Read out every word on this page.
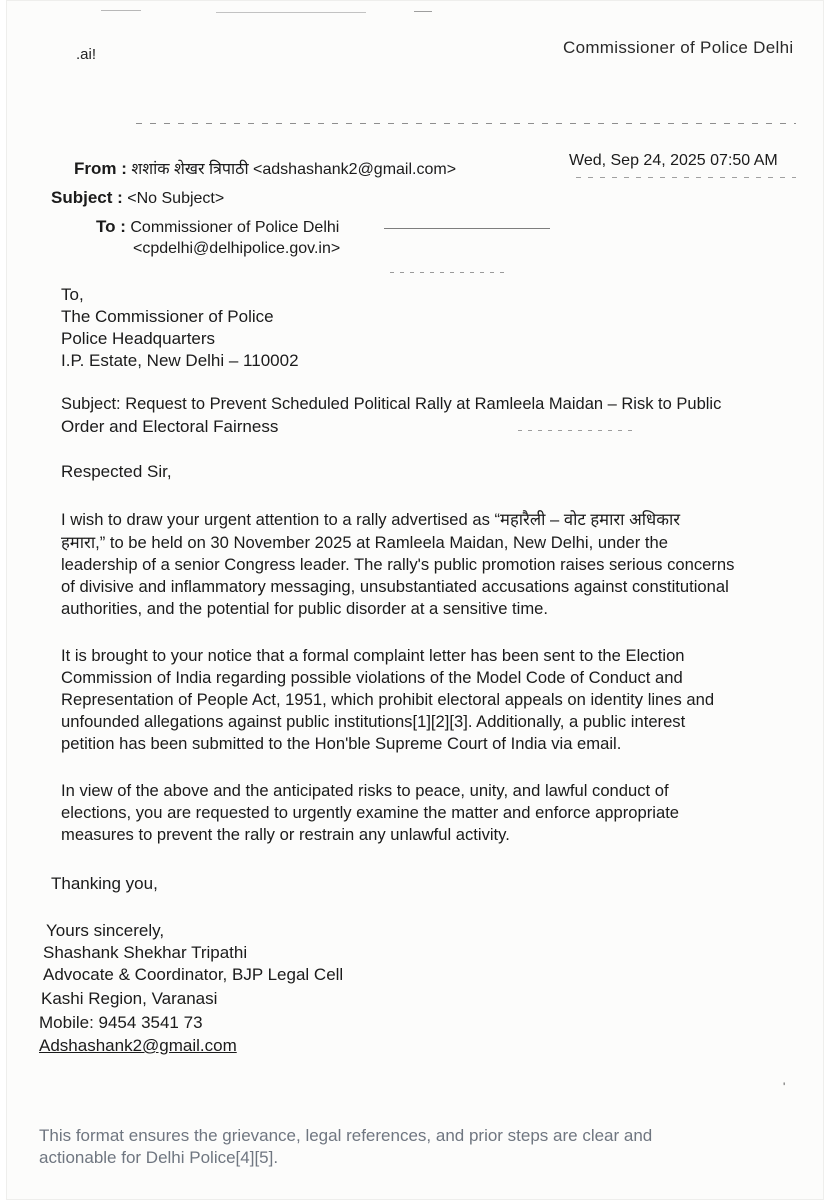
.ai!	Commissioner of Police Delhi
From : शशांक शेखर त्रिपाठी <adshashank2@gmail.com>
Wed, Sep 24, 2025 07:50 AM
Subject : <No Subject>
To : Commissioner of Police Delhi
<cpdelhi@delhipolice.gov.in>
To,
The Commissioner of Police
Police Headquarters
I.P. Estate, New Delhi – 110002
Subject: Request to Prevent Scheduled Political Rally at Ramleela Maidan – Risk to Public
Order and Electoral Fairness
Respected Sir,
I wish to draw your urgent attention to a rally advertised as “महारैली – वोट हमारा अधिकार
हमारा,” to be held on 30 November 2025 at Ramleela Maidan, New Delhi, under the
leadership of a senior Congress leader. The rally's public promotion raises serious concerns
of divisive and inflammatory messaging, unsubstantiated accusations against constitutional
authorities, and the potential for public disorder at a sensitive time.
It is brought to your notice that a formal complaint letter has been sent to the Election
Commission of India regarding possible violations of the Model Code of Conduct and
Representation of People Act, 1951, which prohibit electoral appeals on identity lines and
unfounded allegations against public institutions[1][2][3]. Additionally, a public interest
petition has been submitted to the Hon'ble Supreme Court of India via email.
In view of the above and the anticipated risks to peace, unity, and lawful conduct of
elections, you are requested to urgently examine the matter and enforce appropriate
measures to prevent the rally or restrain any unlawful activity.
Thanking you,
Yours sincerely,
Shashank Shekhar Tripathi
Advocate & Coordinator, BJP Legal Cell
Kashi Region, Varanasi
Mobile: 9454 3541 73
Adshashank2@gmail.com
'
This format ensures the grievance, legal references, and prior steps are clear and
actionable for Delhi Police[4][5].
